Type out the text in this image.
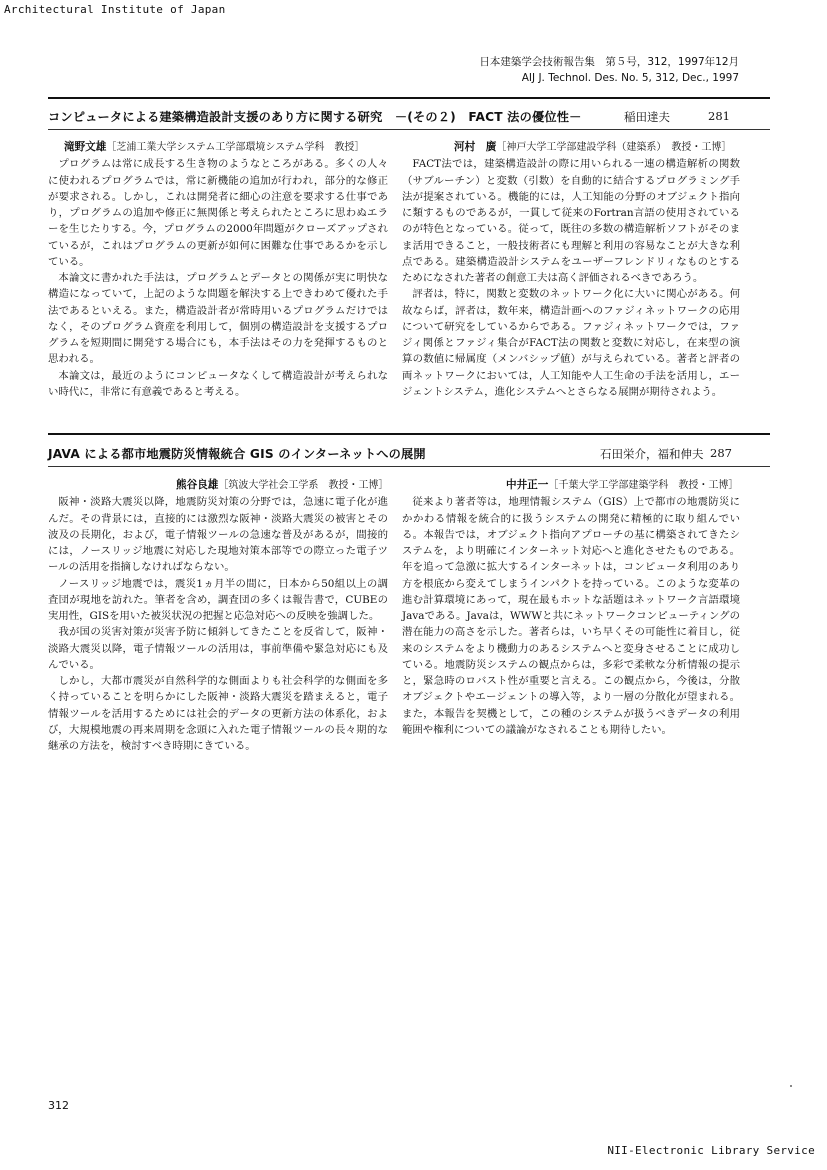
Architectural Institute of Japan
日本建築学会技術報告集　第５号，312，1997年12月
AIJ J. Technol. Des. No. 5, 312, Dec., 1997
コンピュータによる建築構造設計支援のあり方に関する研究　－(その２)　FACT 法の優位性－	稲田達夫	281
滝野文雄［芝浦工業大学システム工学部環境システム学科　教授］

プログラムは常に成長する生き物のようなところがある。多くの人々に使われるプログラムでは，常に新機能の追加が行われ，部分的な修正が要求される。しかし，これは開発者に細心の注意を要求する仕事であり，プログラムの追加や修正に無関係と考えられたところに思わぬエラーを生じたりする。今，プログラムの2000年問題がクローズアップされているが，これはプログラムの更新が如何に困難な仕事であるかを示している。

本論文に書かれた手法は，プログラムとデータとの関係が実に明快な構造になっていて，上記のような問題を解決する上できわめて優れた手法であるといえる。また，構造設計者が常時用いるプログラムだけではなく，そのプログラム資産を利用して，個別の構造設計を支援するプログラムを短期間に開発する場合にも，本手法はその力を発揮するものと思われる。

本論文は，最近のようにコンピュータなくして構造設計が考えられない時代に，非常に有意義であると考える。

河村　廣［神戸大学工学部建設学科（建築系）　教授・工博］

FACT法では，建築構造設計の際に用いられる一連の構造解析の関数（サブルーチン）と変数（引数）を自動的に結合するプログラミング手法が提案されている。機能的には，人工知能の分野のオブジェクト指向に類するものであるが，一貫して従来のFortran言語の使用されているのが特色となっている。従って，既往の多数の構造解析ソフトがそのまま活用できること，一般技術者にも理解と利用の容易なことが大きな利点である。建築構造設計システムをユーザーフレンドリィなものとするためになされた著者の創意工夫は高く評価されるべきであろう。

評者は，特に，関数と変数のネットワーク化に大いに関心がある。何故ならば，評者は，数年来，構造計画へのファジィネットワークの応用について研究をしているからである。ファジィネットワークでは，ファジィ関係とファジィ集合がFACT法の関数と変数に対応し，在来型の演算の数値に帰属度（メンバシップ値）が与えられている。著者と評者の両ネットワークにおいては，人工知能や人工生命の手法を活用し，エージェントシステム，進化システムへとさらなる展開が期待されよう。

JAVA による都市地震防災情報統合 GIS のインターネットへの展開	石田栄介，福和伸夫 287
熊谷良雄［筑波大学社会工学系　教授・工博］

阪神・淡路大震災以降，地震防災対策の分野では，急速に電子化が進んだ。その背景には，直接的には激烈な阪神・淡路大震災の被害とその波及の長期化，および，電子情報ツールの急速な普及があるが，間接的には，ノースリッジ地震に対応した現地対策本部等での際立った電子ツールの活用を指摘しなければならない。

ノースリッジ地震では，震災1ヵ月半の間に，日本から50組以上の調査団が現地を訪れた。筆者を含め，調査団の多くは報告書で，CUBEの実用性，GISを用いた被災状況の把握と応急対応への反映を強調した。

我が国の災害対策が災害予防に傾斜してきたことを反省して，阪神・淡路大震災以降，電子情報ツールの活用は，事前準備や緊急対応にも及んでいる。

しかし，大都市震災が自然科学的な側面よりも社会科学的な側面を多く持っていることを明らかにした阪神・淡路大震災を踏まえると，電子情報ツールを活用するためには社会的データの更新方法の体系化，および，大規模地震の再来周期を念頭に入れた電子情報ツールの長々期的な継承の方法を，検討すべき時期にきている。

中井正一［千葉大学工学部建築学科　教授・工博］

従来より著者等は，地理情報システム（GIS）上で都市の地震防災にかかわる情報を統合的に扱うシステムの開発に精極的に取り組んでいる。本報告では，オブジェクト指向アプローチの基に構築されてきたシステムを，より明確にインターネット対応へと進化させたものである。年を追って急激に拡大するインターネットは，コンピュータ利用のあり方を根底から変えてしまうインパクトを持っている。このような変革の進む計算環境にあって，現在最もホットな話題はネットワーク言語環境Javaである。Javaは，WWWと共にネットワークコンピューティングの潜在能力の高さを示した。著者らは，いち早くその可能性に着目し，従来のシステムをより機動力のあるシステムへと変身させることに成功している。地震防災システムの観点からは，多彩で柔軟な分析情報の提示と，緊急時のロバスト性が重要と言える。この観点から，今後は，分散オブジェクトやエージェントの導入等，より一層の分散化が望まれる。また，本報告を契機として，この種のシステムが扱うべきデータの利用範囲や権利についての議論がなされることも期待したい。

312
NII-Electronic Library Service
